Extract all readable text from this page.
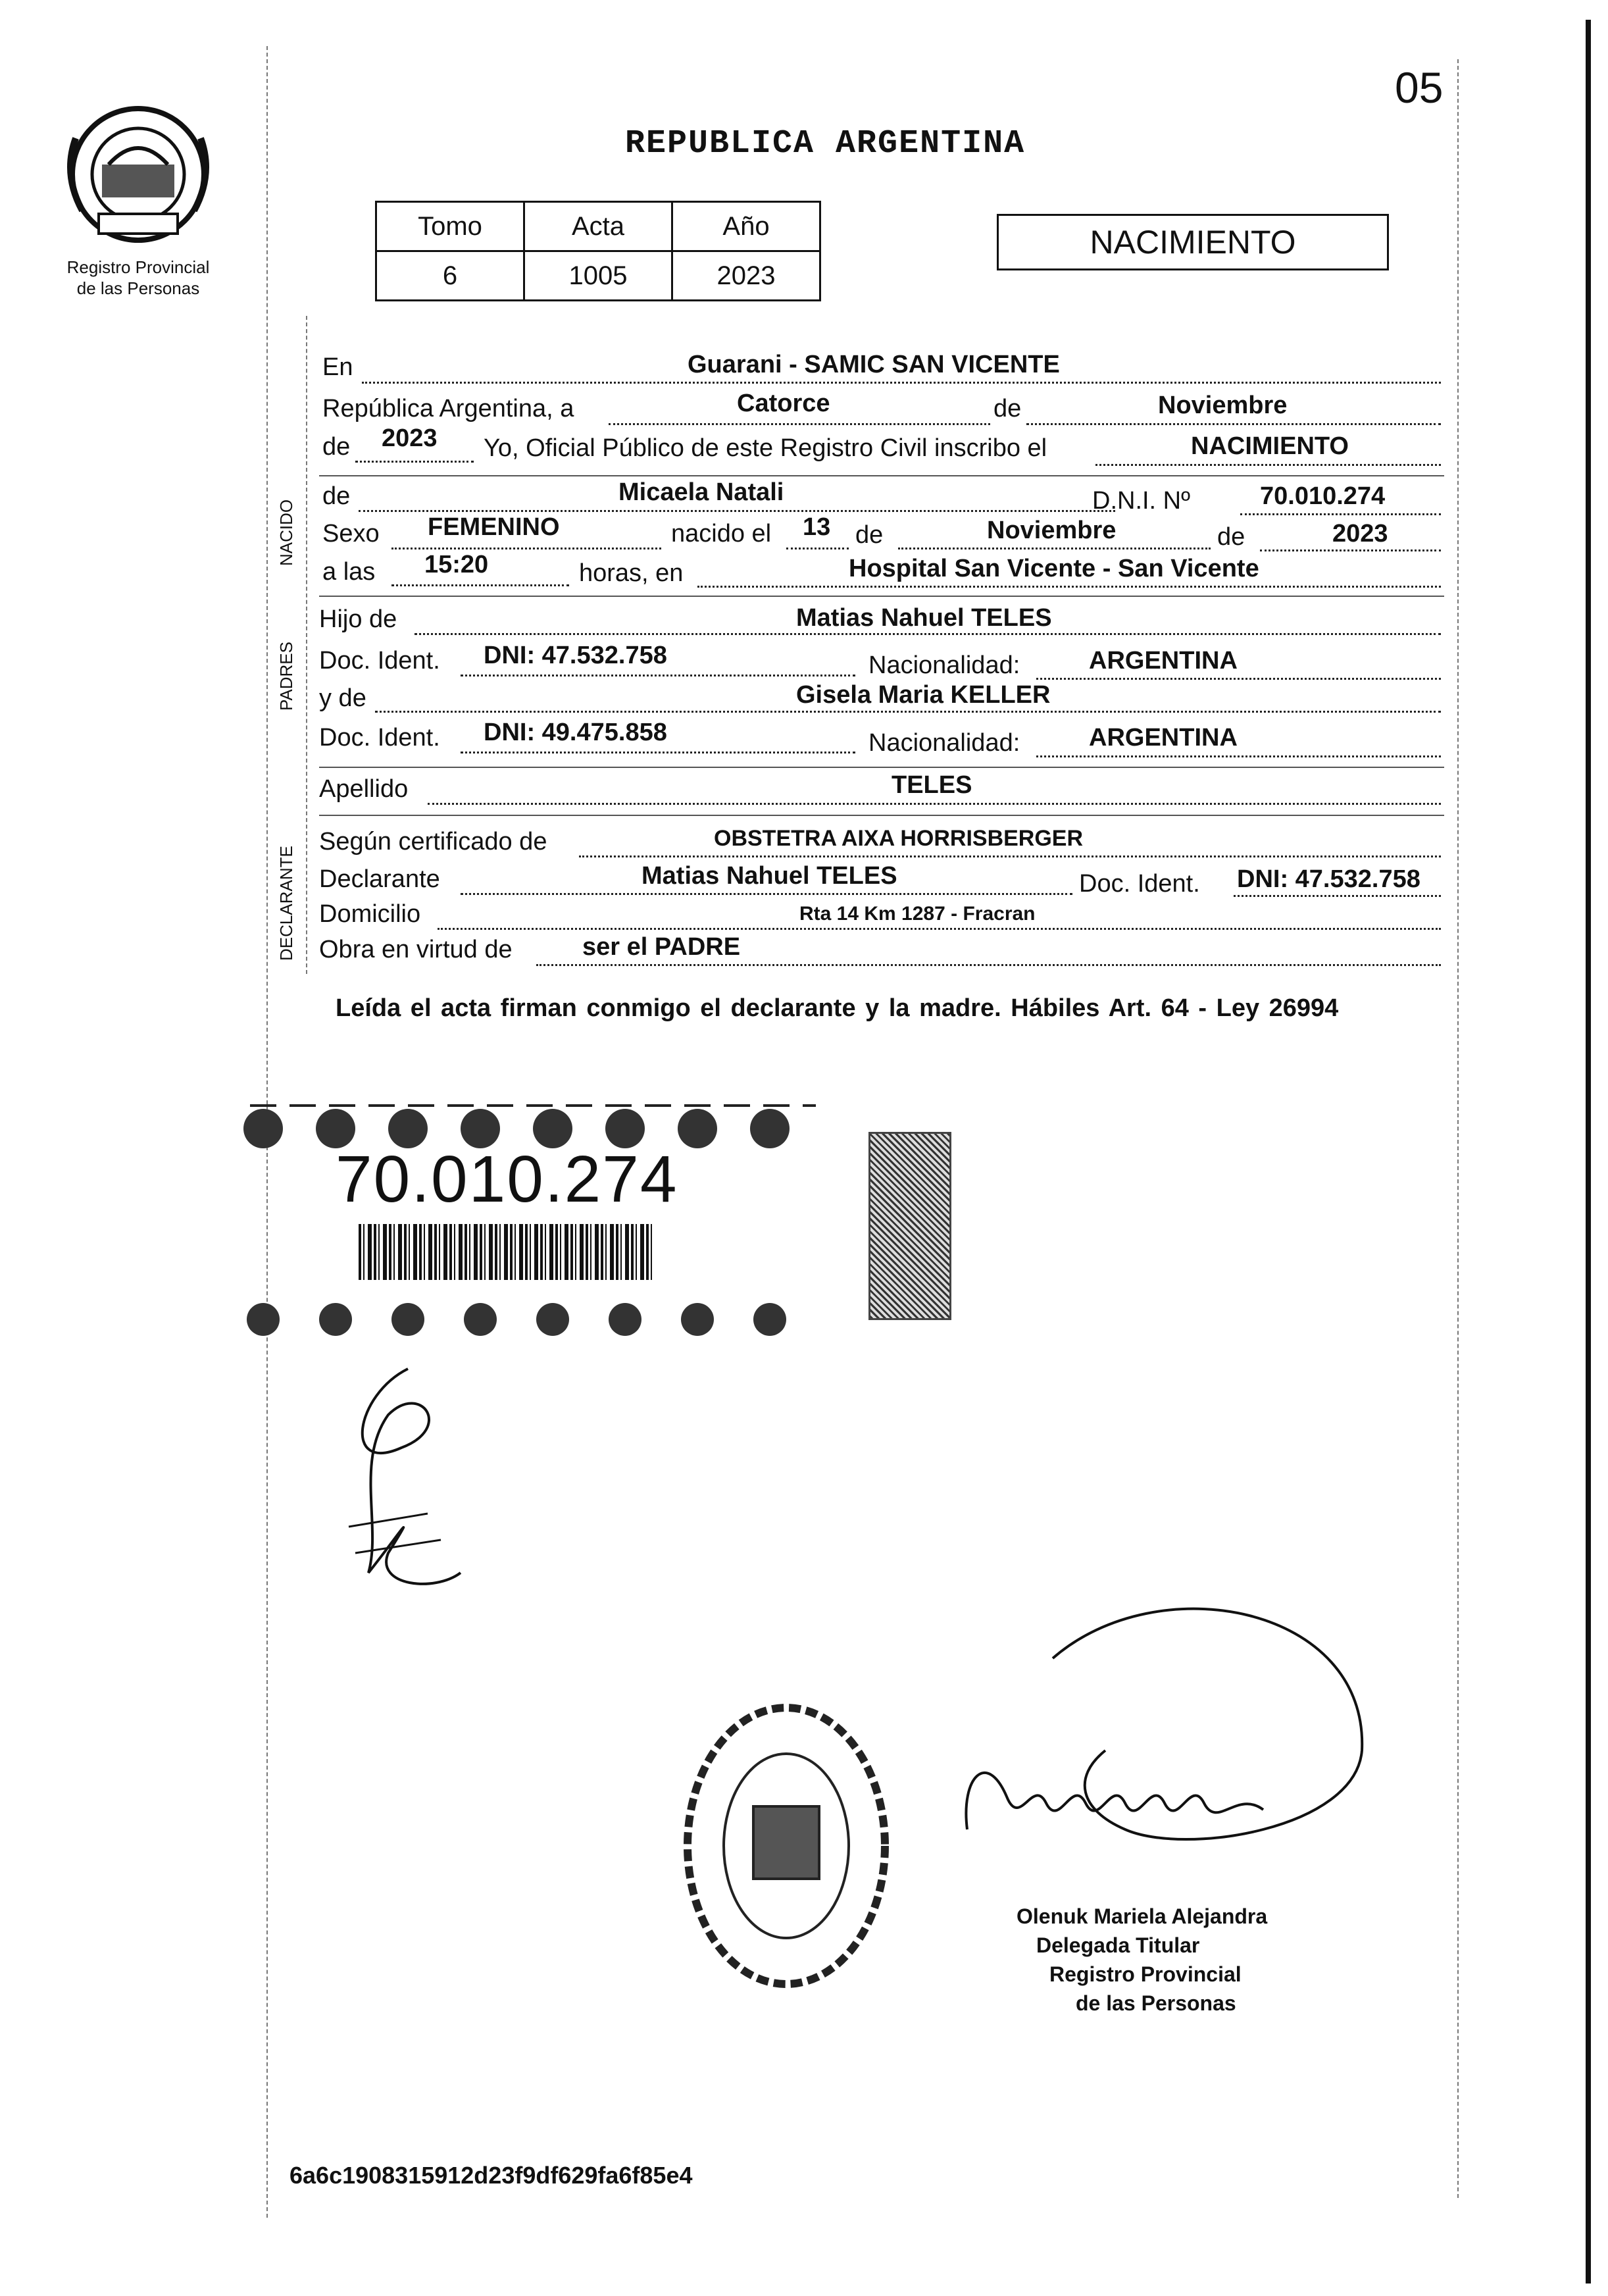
05
Registro Provincial
de las Personas
REPUBLICA ARGENTINA
Tomo	Acta	Año
6	1005	2023
NACIMIENTO
NACIDO
PADRES
DECLARANTE
En	Guarani - SAMIC SAN VICENTE
República Argentina, a	Catorce	de	Noviembre
de 2023 Yo, Oficial Público de este Registro Civil inscribo el	NACIMIENTO
de	Micaela Natali	D.N.I. Nº	70.010.274
Sexo FEMENINO	nacido el 13 de	Noviembre	de	2023
a las 15:20	horas, en	Hospital San Vicente - San Vicente
Hijo de	Matias Nahuel TELES
Doc. Ident. DNI: 47.532.758	Nacionalidad:	ARGENTINA
y de	Gisela Maria KELLER
Doc. Ident. DNI: 49.475.858	Nacionalidad:	ARGENTINA
Apellido	TELES
Según certificado de	OBSTETRA AIXA HORRISBERGER
Declarante	Matias Nahuel TELES	Doc. Ident. DNI: 47.532.758
Domicilio	Rta 14 Km 1287 - Fracran
Obra en virtud de	ser el PADRE
Leída el acta firman conmigo el declarante y la madre. Hábiles Art. 64 - Ley 26994
70.010.274
Olenuk Mariela Alejandra
Delegada Titular
Registro Provincial
de las Personas
6a6c1908315912d23f9df629fa6f85e4
